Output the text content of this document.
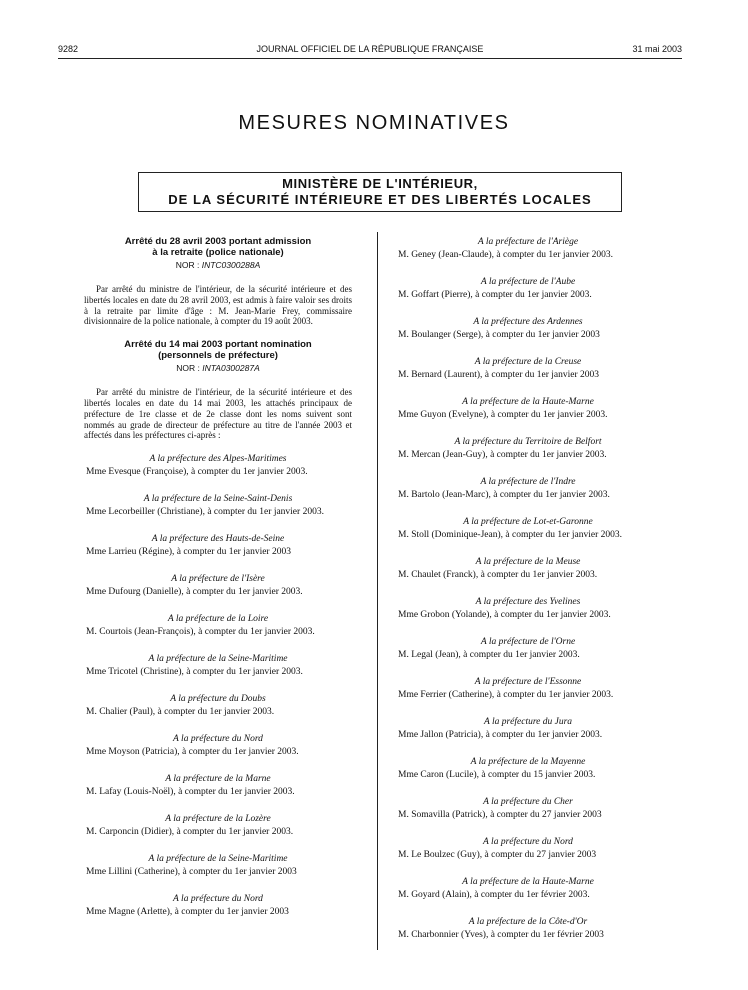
9282	JOURNAL OFFICIEL DE LA RÉPUBLIQUE FRANÇAISE	31 mai 2003
MESURES NOMINATIVES
MINISTÈRE DE L'INTÉRIEUR,
DE LA SÉCURITÉ INTÉRIEURE ET DES LIBERTÉS LOCALES
Arrêté du 28 avril 2003 portant admission
à la retraite (police nationale)
NOR : INTC0300288A
Par arrêté du ministre de l'intérieur, de la sécurité intérieure et des libertés locales en date du 28 avril 2003, est admis à faire valoir ses droits à la retraite par limite d'âge : M. Jean-Marie Frey, commissaire divisionnaire de la police nationale, à compter du 19 août 2003.
Arrêté du 14 mai 2003 portant nomination
(personnels de préfecture)
NOR : INTA0300287A
Par arrêté du ministre de l'intérieur, de la sécurité intérieure et des libertés locales en date du 14 mai 2003, les attachés principaux de préfecture de 1re classe et de 2e classe dont les noms suivent sont nommés au grade de directeur de préfecture au titre de l'année 2003 et affectés dans les préfectures ci-après :
A la préfecture des Alpes-Maritimes
Mme Evesque (Françoise), à compter du 1er janvier 2003.
A la préfecture de la Seine-Saint-Denis
Mme Lecorbeiller (Christiane), à compter du 1er janvier 2003.
A la préfecture des Hauts-de-Seine
Mme Larrieu (Régine), à compter du 1er janvier 2003
A la préfecture de l'Isère
Mme Dufourg (Danielle), à compter du 1er janvier 2003.
A la préfecture de la Loire
M. Courtois (Jean-François), à compter du 1er janvier 2003.
A la préfecture de la Seine-Maritime
Mme Tricotel (Christine), à compter du 1er janvier 2003.
A la préfecture du Doubs
M. Chalier (Paul), à compter du 1er janvier 2003.
A la préfecture du Nord
Mme Moyson (Patricia), à compter du 1er janvier 2003.
A la préfecture de la Marne
M. Lafay (Louis-Noël), à compter du 1er janvier 2003.
A la préfecture de la Lozère
M. Carponcin (Didier), à compter du 1er janvier 2003.
A la préfecture de la Seine-Maritime
Mme Lillini (Catherine), à compter du 1er janvier 2003
A la préfecture du Nord
Mme Magne (Arlette), à compter du 1er janvier 2003
A la préfecture de l'Ariège
M. Geney (Jean-Claude), à compter du 1er janvier 2003.
A la préfecture de l'Aube
M. Goffart (Pierre), à compter du 1er janvier 2003.
A la préfecture des Ardennes
M. Boulanger (Serge), à compter du 1er janvier 2003
A la préfecture de la Creuse
M. Bernard (Laurent), à compter du 1er janvier 2003
A la préfecture de la Haute-Marne
Mme Guyon (Evelyne), à compter du 1er janvier 2003.
A la préfecture du Territoire de Belfort
M. Mercan (Jean-Guy), à compter du 1er janvier 2003.
A la préfecture de l'Indre
M. Bartolo (Jean-Marc), à compter du 1er janvier 2003.
A la préfecture de Lot-et-Garonne
M. Stoll (Dominique-Jean), à compter du 1er janvier 2003.
A la préfecture de la Meuse
M. Chaulet (Franck), à compter du 1er janvier 2003.
A la préfecture des Yvelines
Mme Grobon (Yolande), à compter du 1er janvier 2003.
A la préfecture de l'Orne
M. Legal (Jean), à compter du 1er janvier 2003.
A la préfecture de l'Essonne
Mme Ferrier (Catherine), à compter du 1er janvier 2003.
A la préfecture du Jura
Mme Jallon (Patricia), à compter du 1er janvier 2003.
A la préfecture de la Mayenne
Mme Caron (Lucile), à compter du 15 janvier 2003.
A la préfecture du Cher
M. Somavilla (Patrick), à compter du 27 janvier 2003
A la préfecture du Nord
M. Le Boulzec (Guy), à compter du 27 janvier 2003
A la préfecture de la Haute-Marne
M. Goyard (Alain), à compter du 1er février 2003.
A la préfecture de la Côte-d'Or
M. Charbonnier (Yves), à compter du 1er février 2003
